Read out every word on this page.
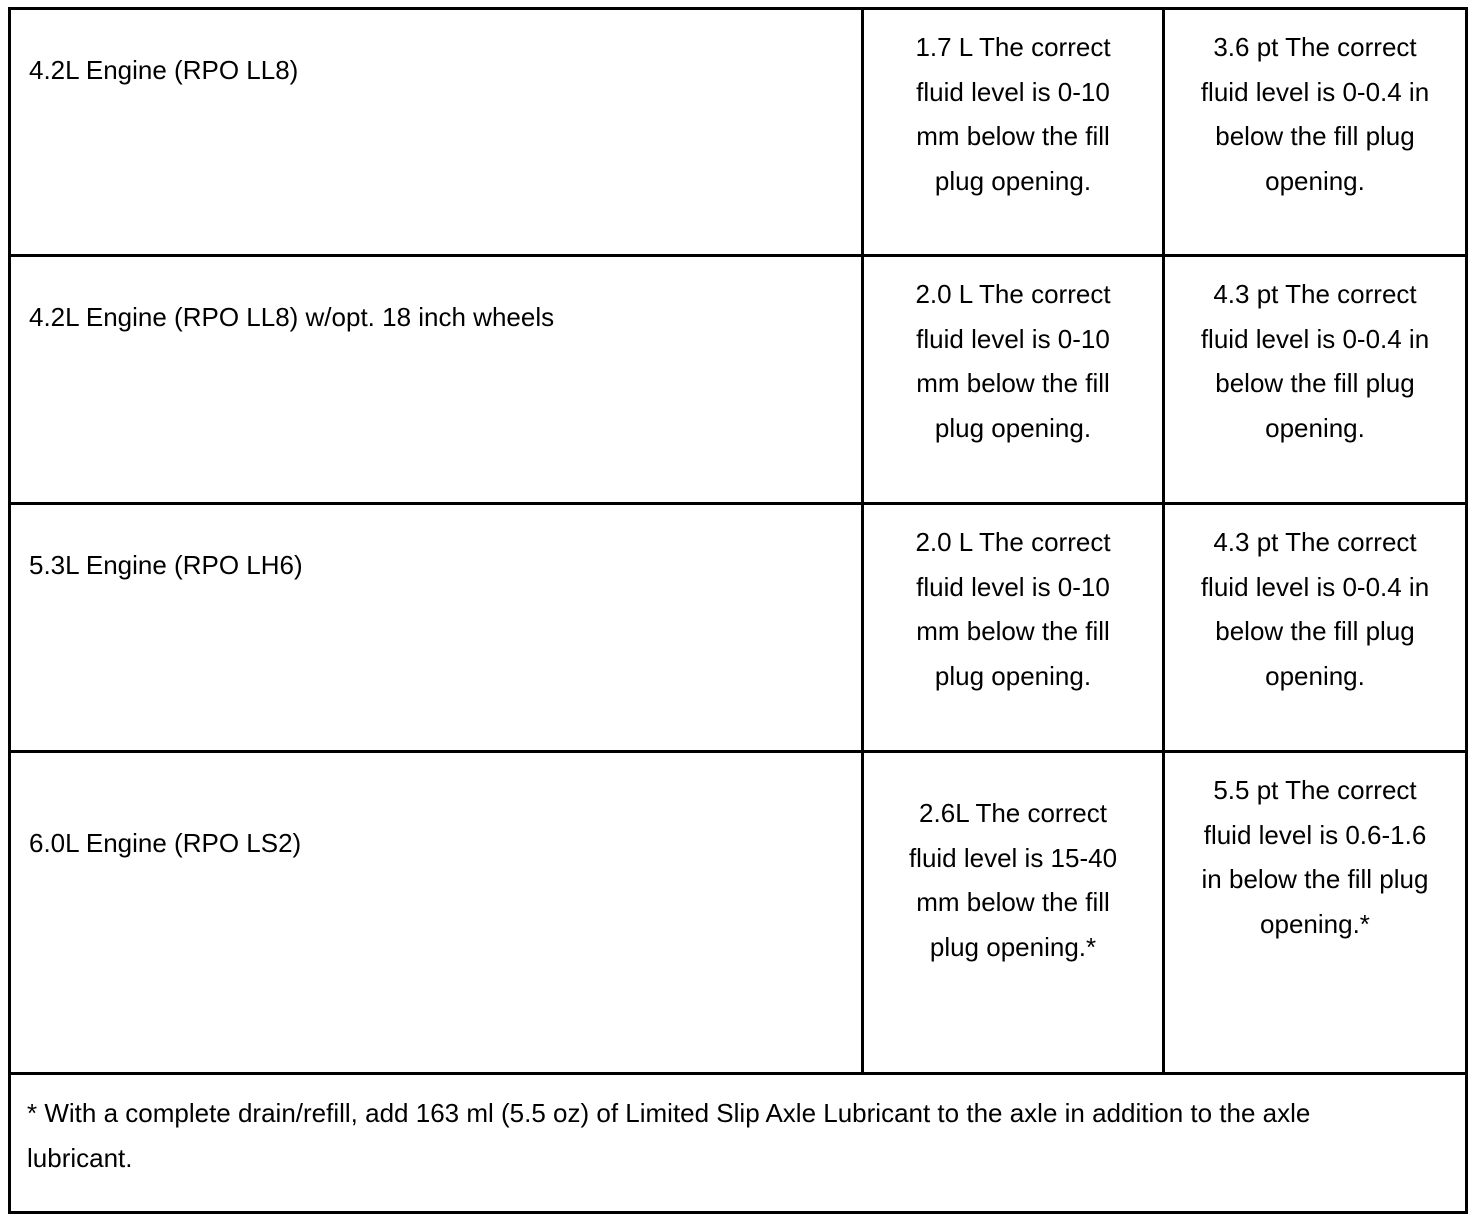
4.2L Engine (RPO LL8)	1.7 L The correct fluid level is 0-10 mm below the fill plug opening.	3.6 pt The correct fluid level is 0-0.4 in below the fill plug opening.
4.2L Engine (RPO LL8) w/opt. 18 inch wheels	2.0 L The correct fluid level is 0-10 mm below the fill plug opening.	4.3 pt The correct fluid level is 0-0.4 in below the fill plug opening.
5.3L Engine (RPO LH6)	2.0 L The correct fluid level is 0-10 mm below the fill plug opening.	4.3 pt The correct fluid level is 0-0.4 in below the fill plug opening.
6.0L Engine (RPO LS2)	2.6L The correct fluid level is 15-40 mm below the fill plug opening.*	5.5 pt The correct fluid level is 0.6-1.6 in below the fill plug opening.*
* With a complete drain/refill, add 163 ml (5.5 oz) of Limited Slip Axle Lubricant to the axle in addition to the axle lubricant.		
